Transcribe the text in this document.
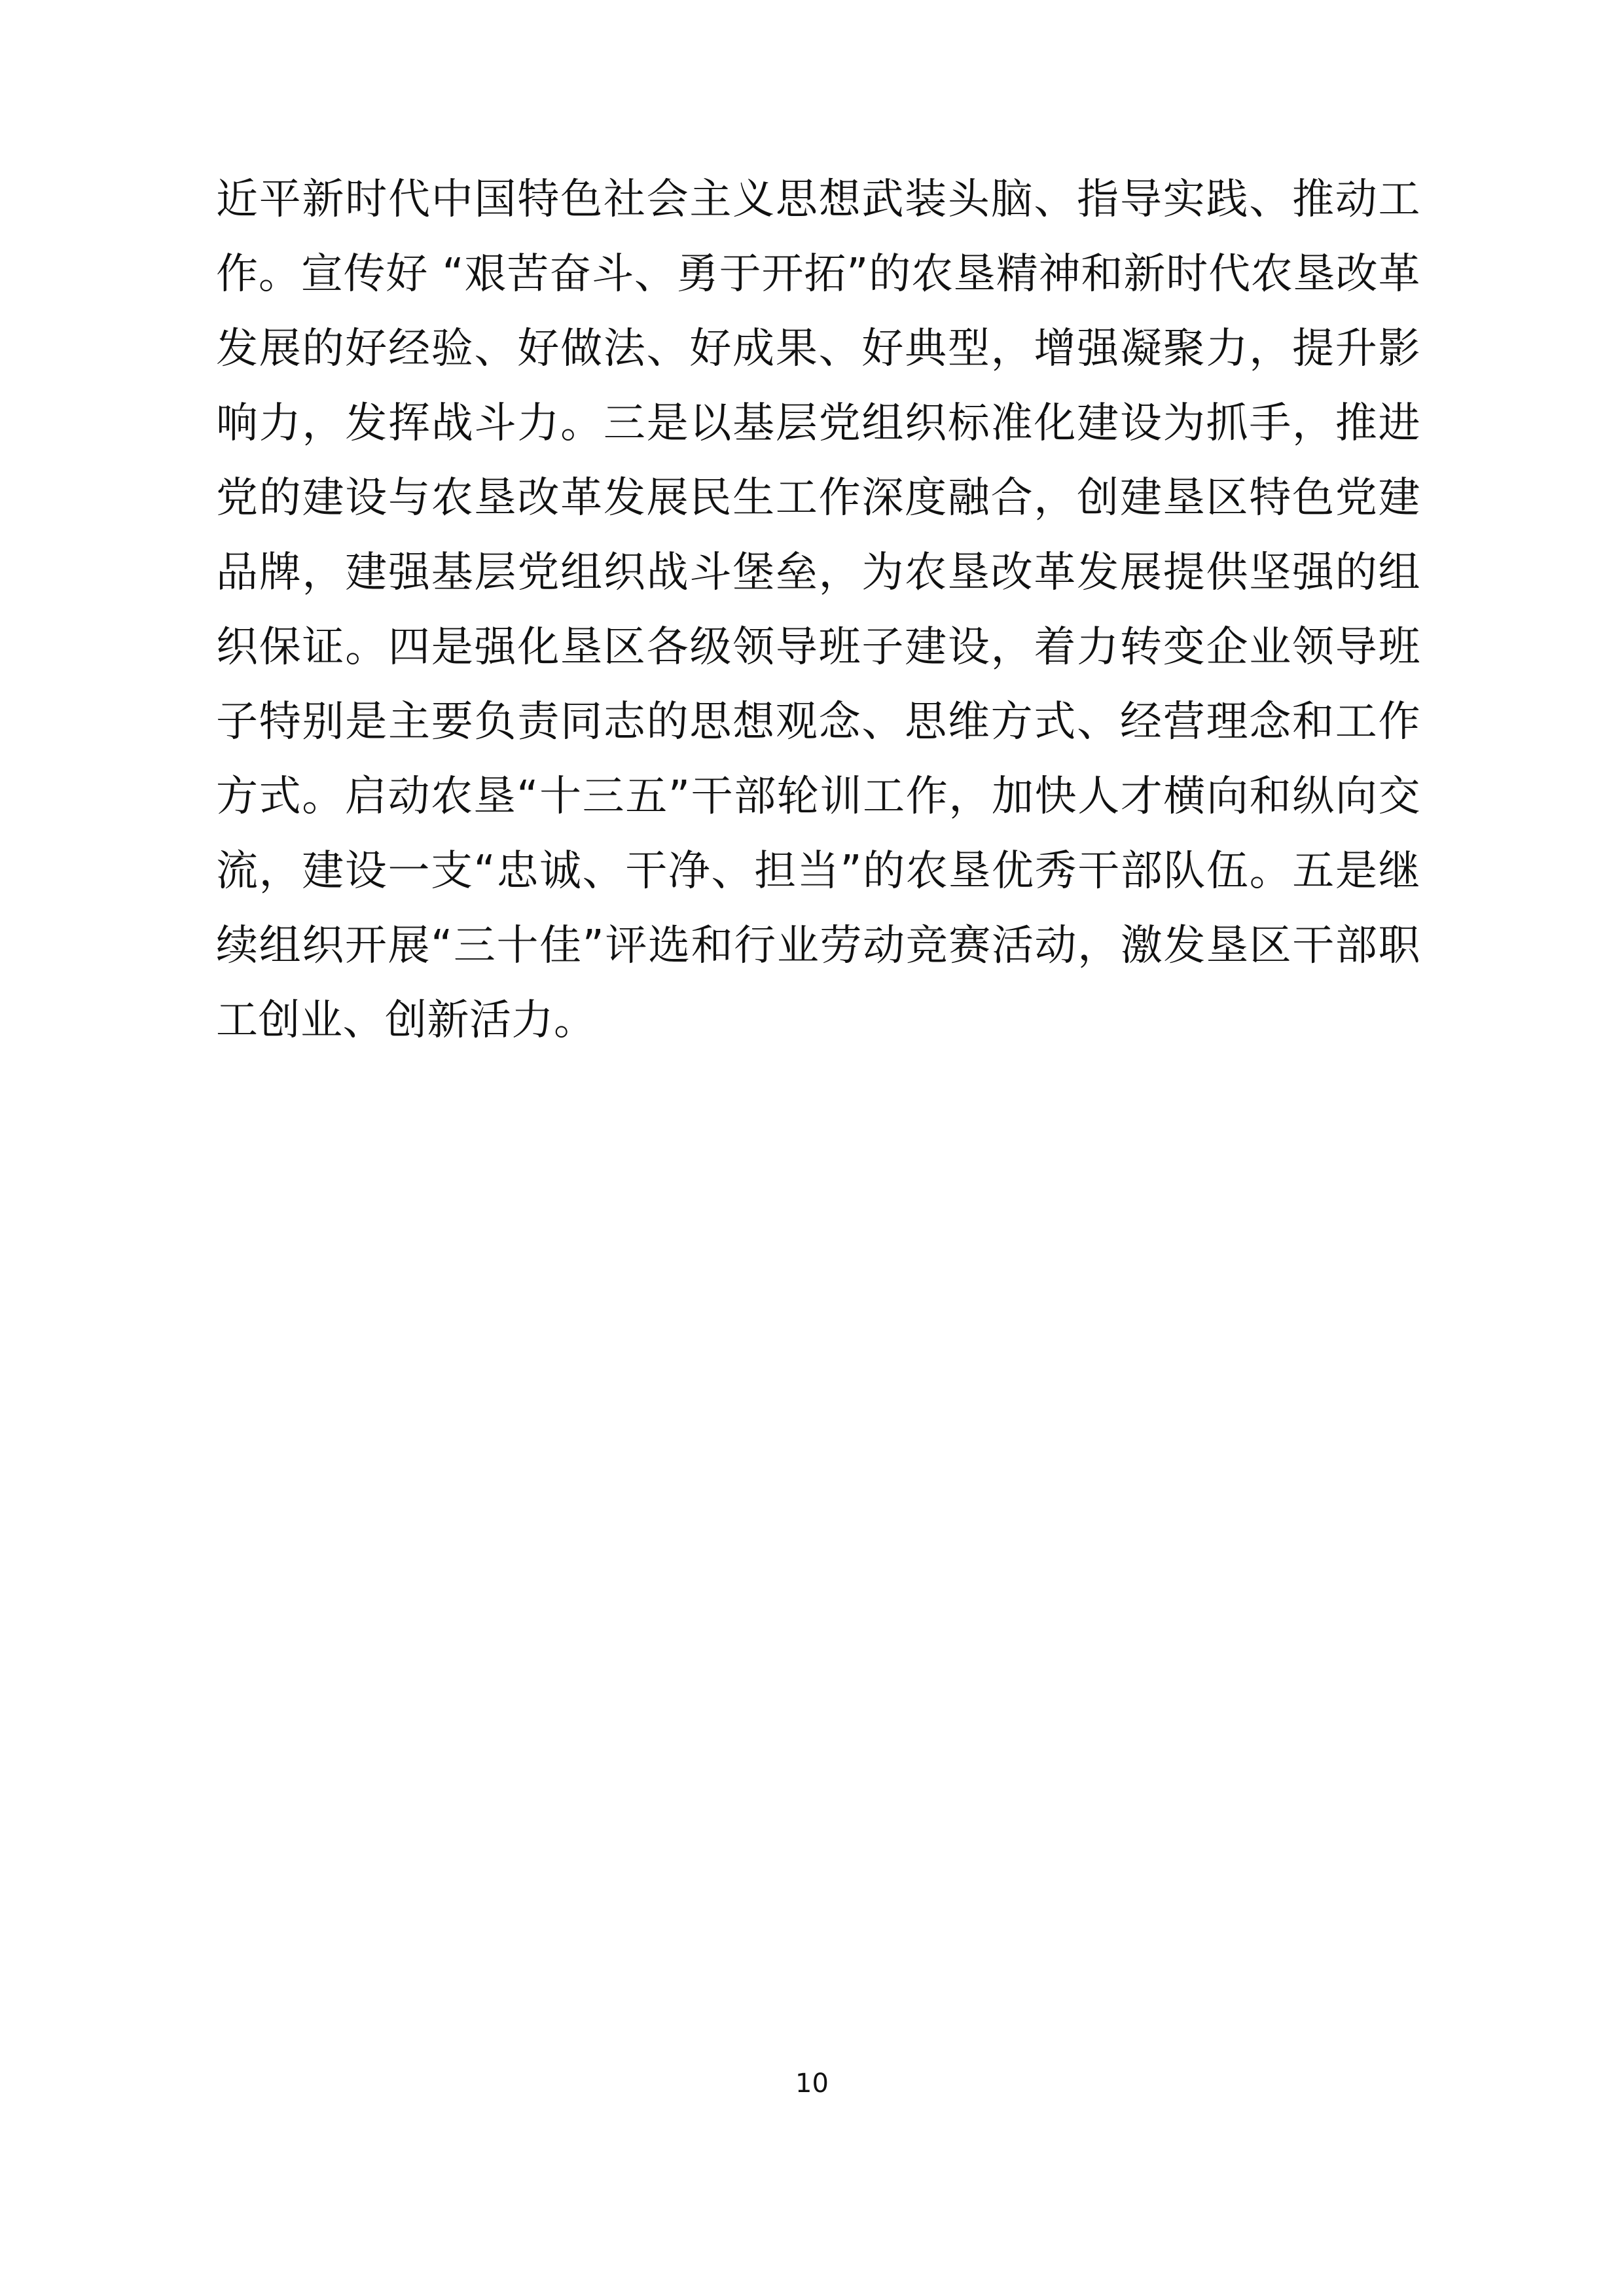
近平新时代中国特色社会主义思想武装头脑、指导实践、推动工作。宣传好 “艰苦奋斗、勇于开拓”的农垦精神和新时代农垦改革发展的好经验、好做法、好成果、好典型，增强凝聚力，提升影响力，发挥战斗力。三是以基层党组织标准化建设为抓手，推进党的建设与农垦改革发展民生工作深度融合，创建垦区特色党建品牌，建强基层党组织战斗堡垒，为农垦改革发展提供坚强的组织保证。四是强化垦区各级领导班子建设，着力转变企业领导班子特别是主要负责同志的思想观念、思维方式、经营理念和工作方式。启动农垦“十三五”干部轮训工作，加快人才横向和纵向交流，建设一支“忠诚、干净、担当”的农垦优秀干部队伍。五是继续组织开展“三十佳”评选和行业劳动竞赛活动，激发垦区干部职工创业、创新活力。

10
